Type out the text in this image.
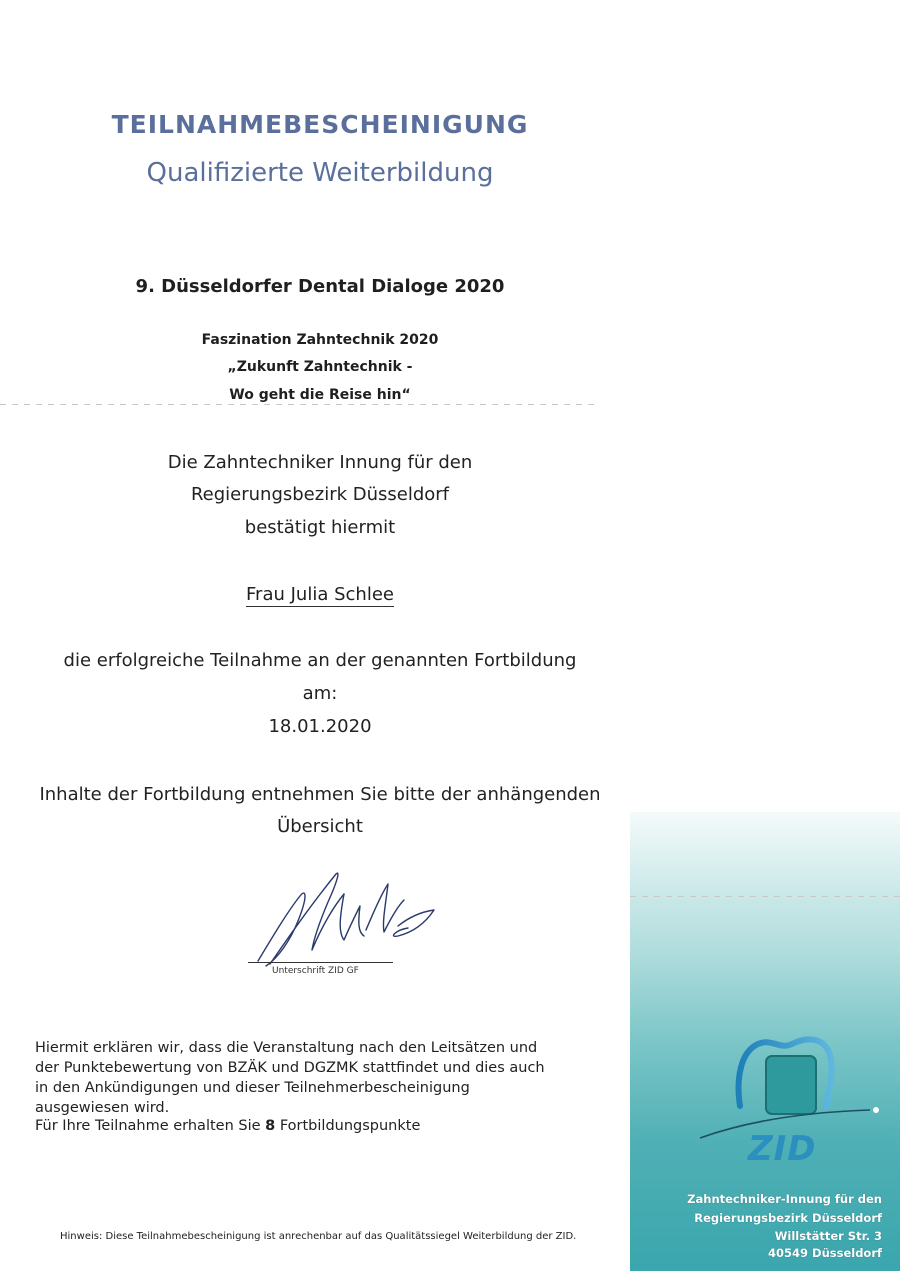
TEILNAHMEBESCHEINIGUNG
Qualifizierte Weiterbildung
9. Düsseldorfer Dental Dialoge 2020
Faszination Zahntechnik 2020
„Zukunft Zahntechnik -
Wo geht die Reise hin“
Die Zahntechniker Innung für den
Regierungsbezirk Düsseldorf
bestätigt hiermit
Frau Julia Schlee
die erfolgreiche Teilnahme an der genannten Fortbildung
am:
18.01.2020
Inhalte der Fortbildung entnehmen Sie bitte der anhängenden
Übersicht
Unterschrift ZID GF
Hiermit erklären wir, dass die Veranstaltung nach den Leitsätzen und
der Punktebewertung von BZÄK und DGZMK stattfindet und dies auch
in den Ankündigungen und dieser Teilnehmerbescheinigung
ausgewiesen wird.
Für Ihre Teilnahme erhalten Sie 8 Fortbildungspunkte
Hinweis: Diese Teilnahmebescheinigung ist anrechenbar auf das Qualitätssiegel Weiterbildung der ZID.
ZID
Zahntechniker-Innung für den
Regierungsbezirk Düsseldorf
Willstätter Str. 3
40549 Düsseldorf
